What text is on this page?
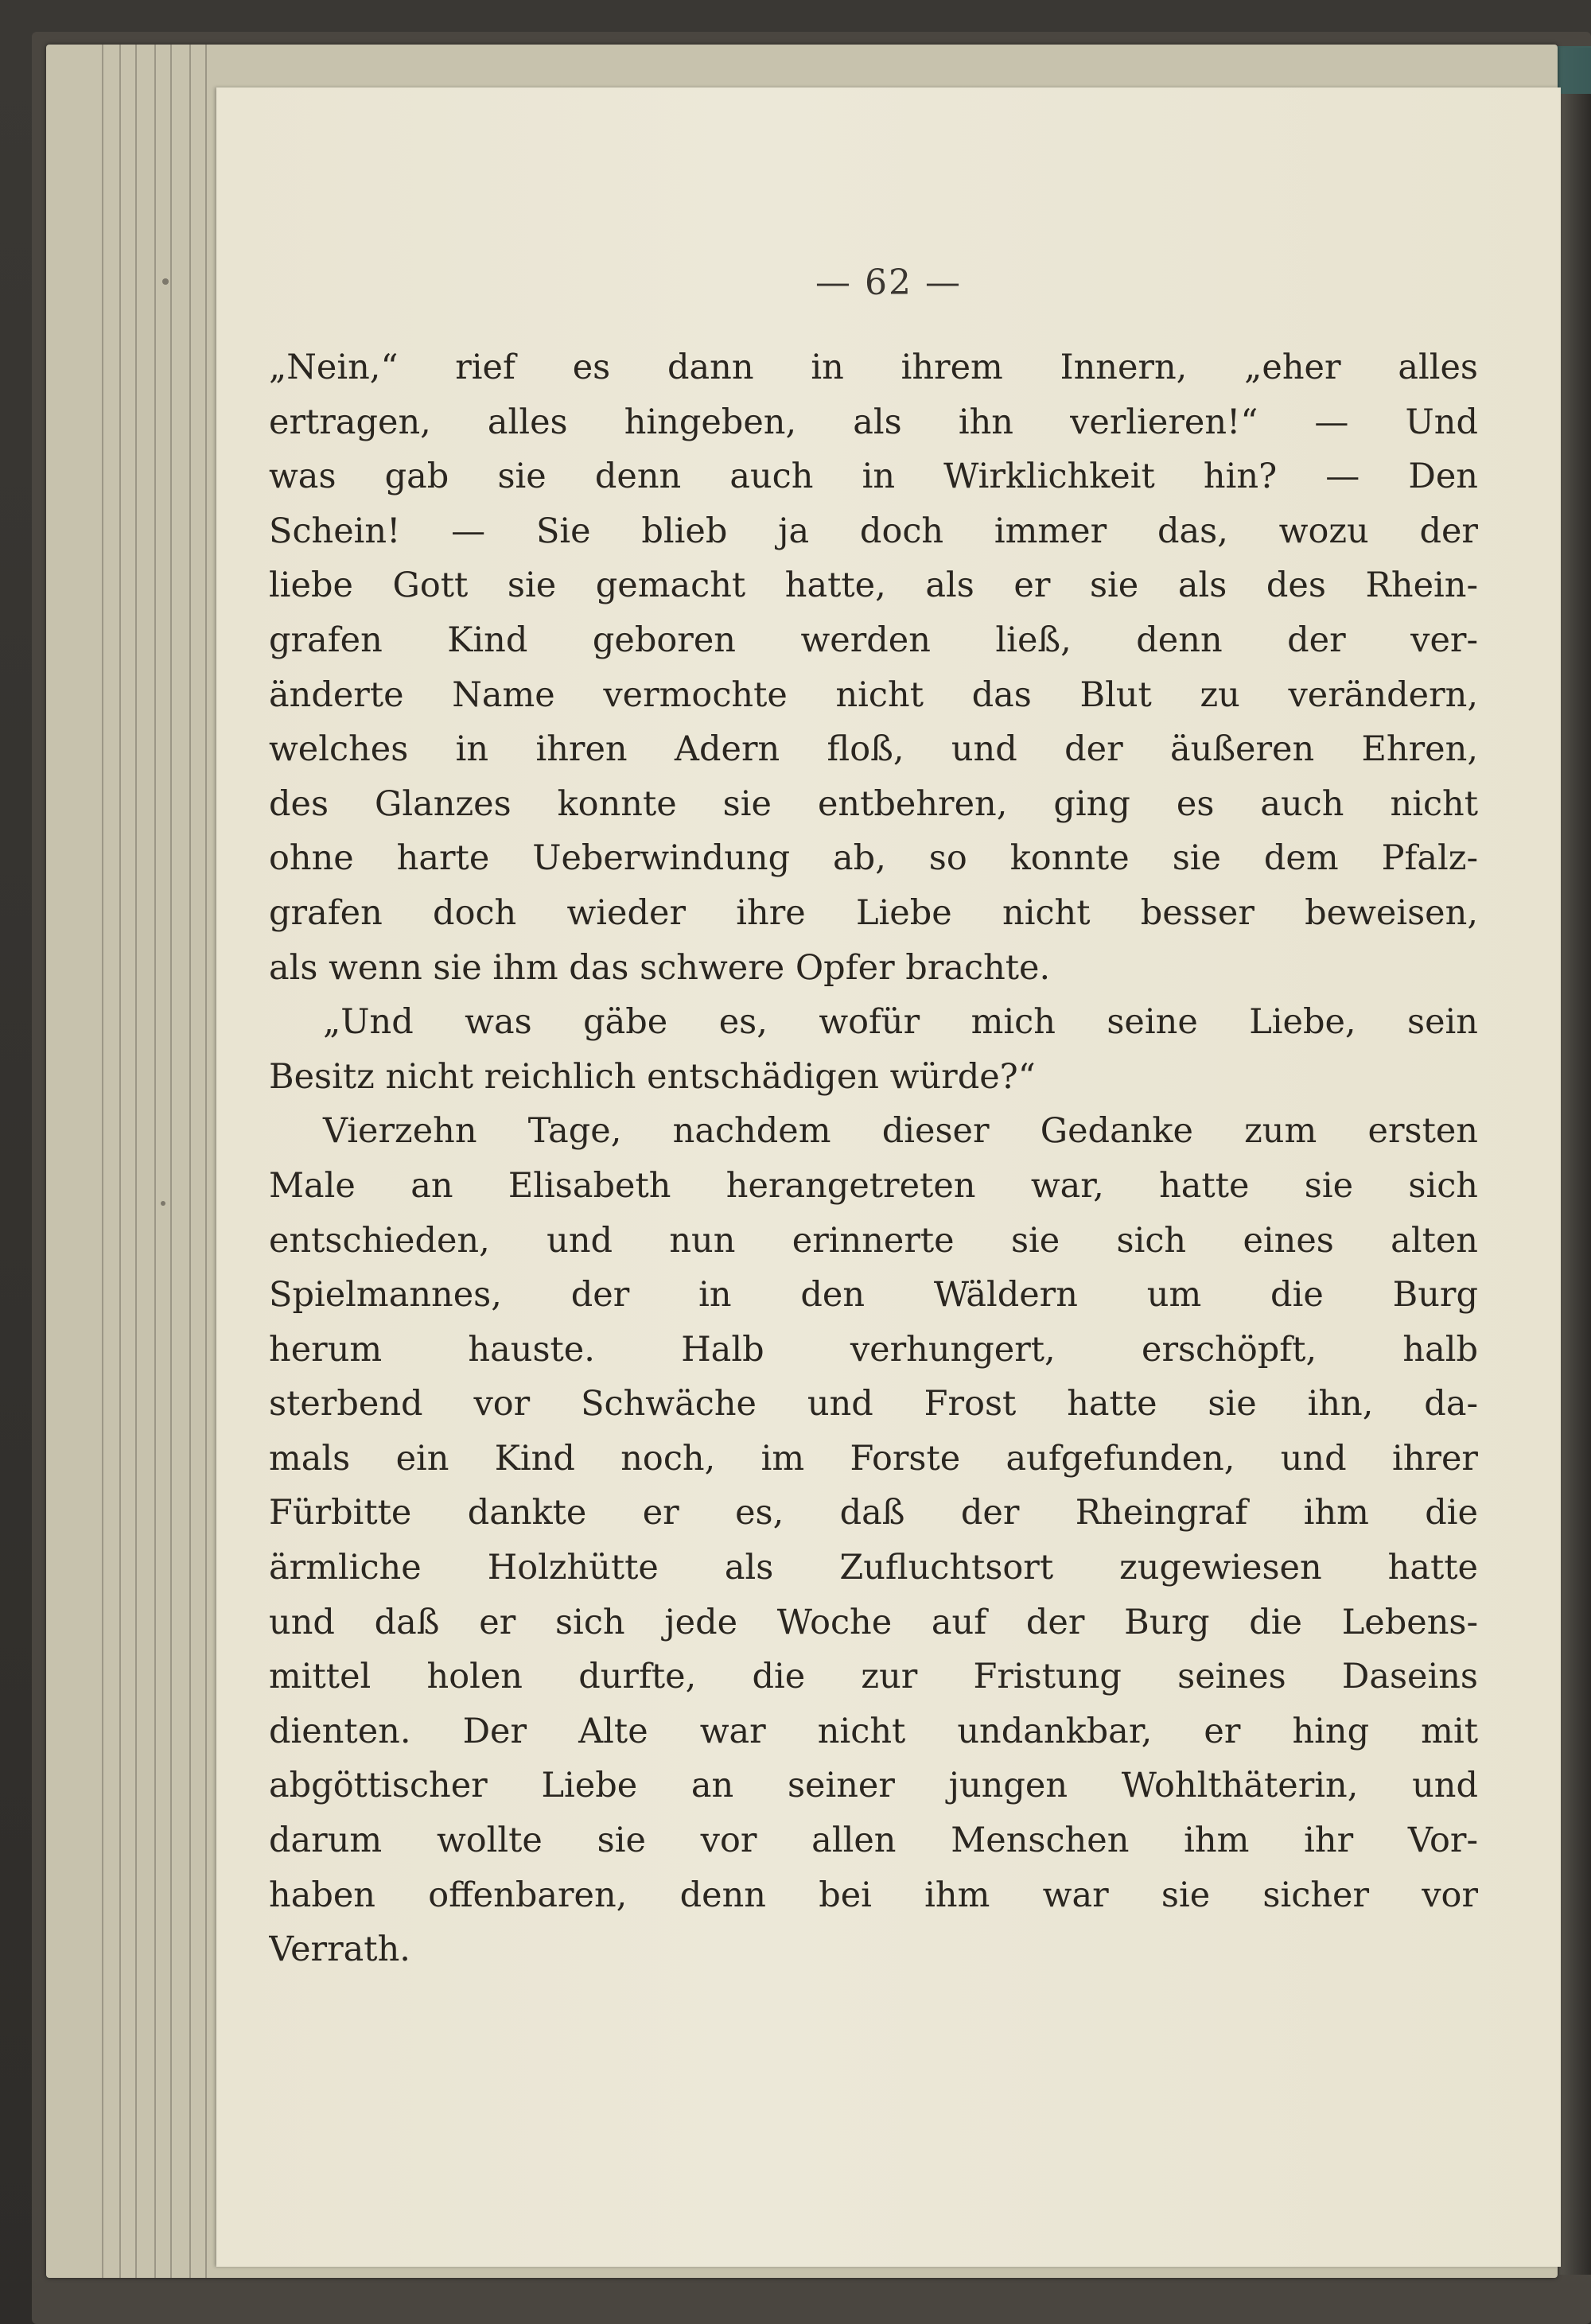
— 62 —

„Nein,“ rief es dann in ihrem Innern, „eher alles
ertragen, alles hingeben, als ihn verlieren!“ — Und
was gab sie denn auch in Wirklichkeit hin? — Den
Schein! — Sie blieb ja doch immer das, wozu der
liebe Gott sie gemacht hatte, als er sie als des Rhein-
grafen Kind geboren werden ließ, denn der ver-
änderte Name vermochte nicht das Blut zu verändern,
welches in ihren Adern floß, und der äußeren Ehren,
des Glanzes konnte sie entbehren, ging es auch nicht
ohne harte Ueberwindung ab, so konnte sie dem Pfalz-
grafen doch wieder ihre Liebe nicht besser beweisen,
als wenn sie ihm das schwere Opfer brachte.
„Und was gäbe es, wofür mich seine Liebe, sein
Besitz nicht reichlich entschädigen würde?“
Vierzehn Tage, nachdem dieser Gedanke zum ersten
Male an Elisabeth herangetreten war, hatte sie sich
entschieden, und nun erinnerte sie sich eines alten
Spielmannes, der in den Wäldern um die Burg
herum hauste. Halb verhungert, erschöpft, halb
sterbend vor Schwäche und Frost hatte sie ihn, da-
mals ein Kind noch, im Forste aufgefunden, und ihrer
Fürbitte dankte er es, daß der Rheingraf ihm die
ärmliche Holzhütte als Zufluchtsort zugewiesen hatte
und daß er sich jede Woche auf der Burg die Lebens-
mittel holen durfte, die zur Fristung seines Daseins
dienten. Der Alte war nicht undankbar, er hing mit
abgöttischer Liebe an seiner jungen Wohlthäterin, und
darum wollte sie vor allen Menschen ihm ihr Vor-
haben offenbaren, denn bei ihm war sie sicher vor
Verrath.
